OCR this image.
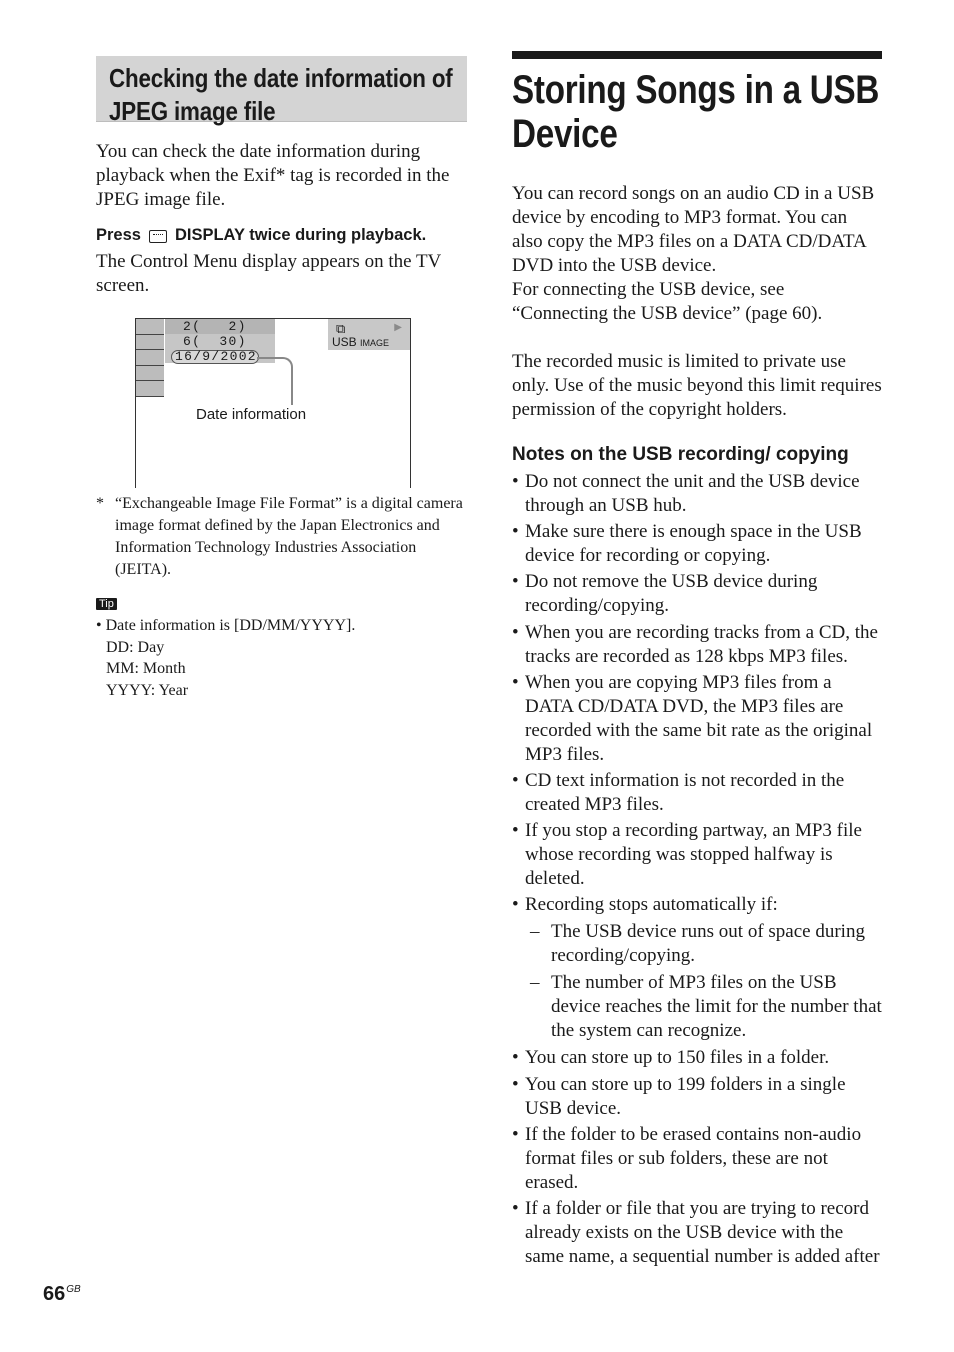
Checking the date information of JPEG image file

You can check the date information during playback when the Exif* tag is recorded in the JPEG image file.

Press DISPLAY twice during playback.

The Control Menu display appears on the TV screen.

2(   2)
6(  30)
16/9/2002
⧉	▶
USB IMAGE
Date information
* “Exchangeable Image File Format” is a digital camera image format defined by the Japan Electronics and Information Technology Industries Association (JEITA).
Tip
• Date information is [DD/MM/YYYY].
DD: Day
MM: Month
YYYY: Year
Storing Songs in a USB Device

You can record songs on an audio CD in a USB device by encoding to MP3 format. You can also copy the MP3 files on a DATA CD/DATA DVD into the USB device.

For connecting the USB device, see “Connecting the USB device” (page 60).

The recorded music is limited to private use only. Use of the music beyond this limit requires permission of the copyright holders.

Notes on the USB recording/ copying
• Do not connect the unit and the USB device through an USB hub.
• Make sure there is enough space in the USB device for recording or copying.
• Do not remove the USB device during recording/copying.
• When you are recording tracks from a CD, the tracks are recorded as 128 kbps MP3 files.
• When you are copying MP3 files from a DATA CD/DATA DVD, the MP3 files are recorded with the same bit rate as the original MP3 files.
• CD text information is not recorded in the created MP3 files.
• If you stop a recording partway, an MP3 file whose recording was stopped halfway is deleted.
• Recording stops automatically if:
– The USB device runs out of space during recording/copying.
– The number of MP3 files on the USB device reaches the limit for the number that the system can recognize.
• You can store up to 150 files in a folder.
• You can store up to 199 folders in a single USB device.
• If the folder to be erased contains non-audio format files or sub folders, these are not erased.
• If a folder or file that you are trying to record already exists on the USB device with the same name, a sequential number is added after
$66^{GB}$
